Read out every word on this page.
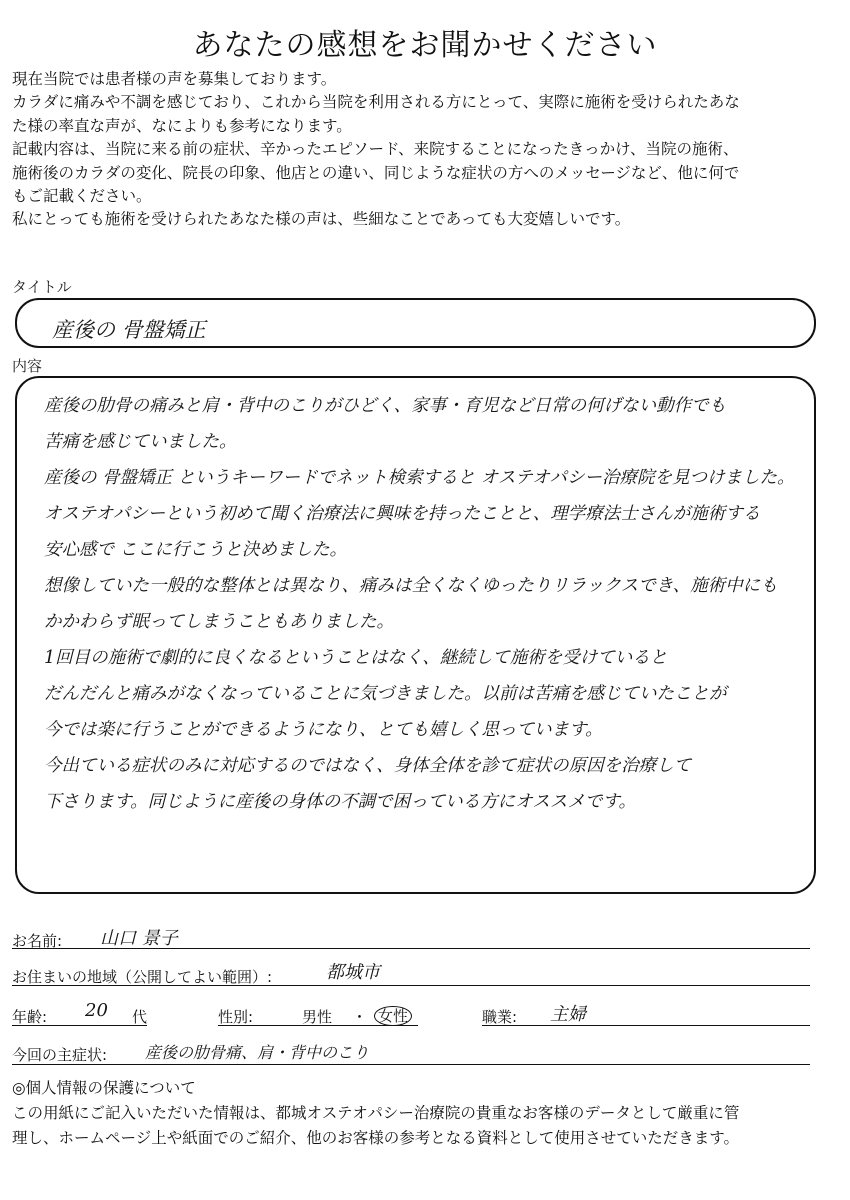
あなたの感想をお聞かせください

現在当院では患者様の声を募集しております。

カラダに痛みや不調を感じており、これから当院を利用される方にとって、実際に施術を受けられたあな

た様の率直な声が、なによりも参考になります。

記載内容は、当院に来る前の症状、辛かったエピソード、来院することになったきっかけ、当院の施術、

施術後のカラダの変化、院長の印象、他店との違い、同じような症状の方へのメッセージなど、他に何で

もご記載ください。

私にとっても施術を受けられたあなた様の声は、些細なことであっても大変嬉しいです。

タイトル
産後の 骨盤矯正
内容
産後の肋骨の痛みと肩・背中のこりがひどく、家事・育児など日常の何げない動作でも
苦痛を感じていました。
産後の 骨盤矯正 というキーワードでネット検索すると オステオパシー治療院を見つけました。
オステオパシーという初めて聞く治療法に興味を持ったことと、理学療法士さんが施術する
安心感で ここに行こうと決めました。
想像していた一般的な整体とは異なり、痛みは全くなくゆったりリラックスでき、施術中にも
かかわらず眠ってしまうこともありました。
1回目の施術で劇的に良くなるということはなく、継続して施術を受けていると
だんだんと痛みがなくなっていることに気づきました。以前は苦痛を感じていたことが
今では楽に行うことができるようになり、とても嬉しく思っています。
今出ている症状のみに対応するのではなく、身体全体を診て症状の原因を治療して
下さります。同じように産後の身体の不調で困っている方にオススメです。
お名前: 山口 景子
お住まいの地域（公開してよい範囲）:	都城市
年齢: 20 代	性別:	男性 ・ 女性	職業: 主婦
今回の主症状: 産後の肋骨痛、肩・背中のこり

◎個人情報の保護について

この用紙にご記入いただいた情報は、都城オステオパシー治療院の貴重なお客様のデータとして厳重に管

理し、ホームページ上や紙面でのご紹介、他のお客様の参考となる資料として使用させていただきます。
